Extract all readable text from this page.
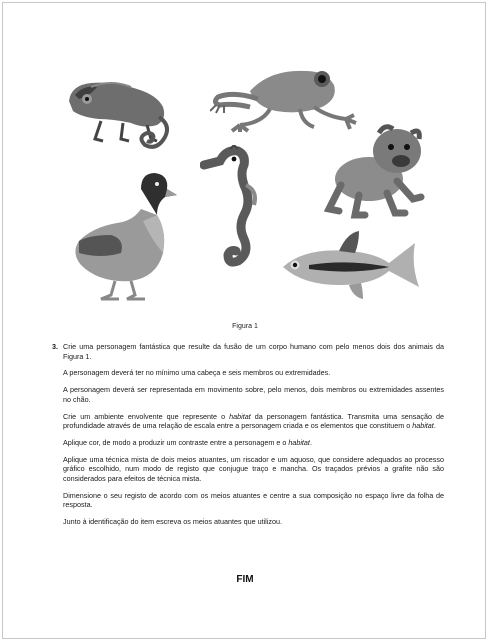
Figura 1
3. Crie uma personagem fantástica que resulte da fusão de um corpo humano com pelo menos dois dos animais da Figura 1.

A personagem deverá ter no mínimo uma cabeça e seis membros ou extremidades.

A personagem deverá ser representada em movimento sobre, pelo menos, dois membros ou extremidades assentes no chão.

Crie um ambiente envolvente que represente o habitat da personagem fantástica. Transmita uma sensação de profundidade através de uma relação de escala entre a personagem criada e os elementos que constituem o habitat.

Aplique cor, de modo a produzir um contraste entre a personagem e o habitat.

Aplique uma técnica mista de dois meios atuantes, um riscador e um aquoso, que considere adequados ao processo gráfico escolhido, num modo de registo que conjugue traço e mancha. Os traçados prévios a grafite não são considerados para efeitos de técnica mista.

Dimensione o seu registo de acordo com os meios atuantes e centre a sua composição no espaço livre da folha de resposta.

Junto à identificação do item escreva os meios atuantes que utilizou.

FIM
